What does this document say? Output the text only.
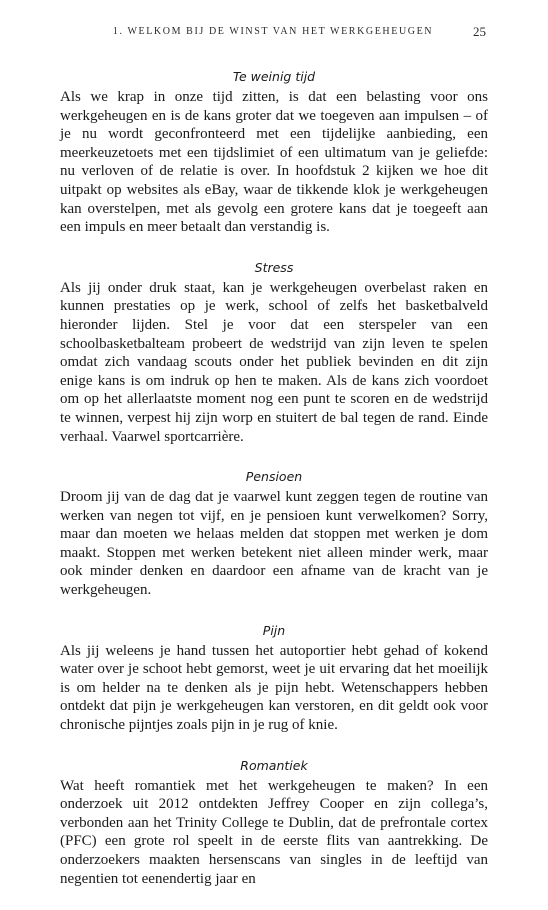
1. WELKOM BIJ DE WINST VAN HET WERKGEHEUGEN	25
Te weinig tijd

Als we krap in onze tijd zitten, is dat een belasting voor ons werkgeheugen en is de kans groter dat we toegeven aan impulsen – of je nu wordt geconfronteerd met een tijdelijke aanbieding, een meerkeuzetoets met een tijdslimiet of een ultimatum van je geliefde: nu verloven of de relatie is over. In hoofdstuk 2 kijken we hoe dit uitpakt op websites als eBay, waar de tikkende klok je werkgeheugen kan overstelpen, met als gevolg een grotere kans dat je toegeeft aan een impuls en meer betaalt dan verstandig is.

Stress

Als jij onder druk staat, kan je werkgeheugen overbelast raken en kunnen prestaties op je werk, school of zelfs het basketbalveld hieronder lijden. Stel je voor dat een sterspeler van een schoolbasketbalteam probeert de wedstrijd van zijn leven te spelen omdat zich vandaag scouts onder het publiek bevinden en dit zijn enige kans is om indruk op hen te maken. Als de kans zich voordoet om op het allerlaatste moment nog een punt te scoren en de wedstrijd te winnen, verpest hij zijn worp en stuitert de bal tegen de rand. Einde verhaal. Vaarwel sportcarrière.

Pensioen

Droom jij van de dag dat je vaarwel kunt zeggen tegen de routine van werken van negen tot vijf, en je pensioen kunt verwelkomen? Sorry, maar dan moeten we helaas melden dat stoppen met werken je dom maakt. Stoppen met werken betekent niet alleen minder werk, maar ook minder denken en daardoor een afname van de kracht van je werkgeheugen.

Pijn

Als jij weleens je hand tussen het autoportier hebt gehad of kokend water over je schoot hebt gemorst, weet je uit ervaring dat het moeilijk is om helder na te denken als je pijn hebt. Wetenschappers hebben ontdekt dat pijn je werkgeheugen kan verstoren, en dit geldt ook voor chronische pijntjes zoals pijn in je rug of knie.

Romantiek

Wat heeft romantiek met het werkgeheugen te maken? In een onderzoek uit 2012 ontdekten Jeffrey Cooper en zijn collega’s, verbonden aan het Trinity College te Dublin, dat de prefrontale cortex (PFC) een grote rol speelt in de eerste flits van aantrekking. De onderzoekers maakten hersenscans van singles in de leeftijd van negentien tot eenendertig jaar en
